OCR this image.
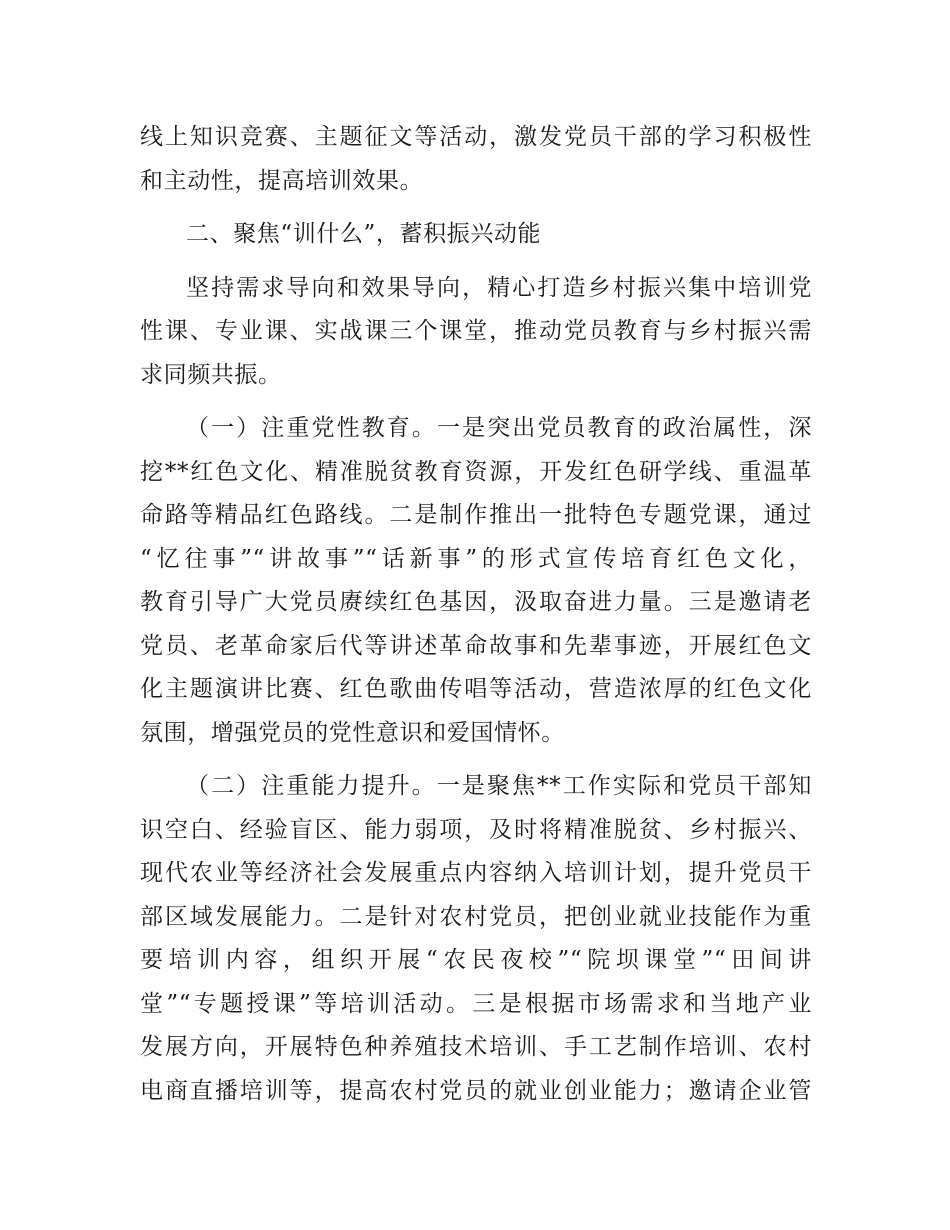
线上知识竞赛、主题征文等活动，激发党员干部的学习积极性
和主动性，提高培训效果。

二、聚焦“训什么”，蓄积振兴动能

坚持需求导向和效果导向，精心打造乡村振兴集中培训党
性课、专业课、实战课三个课堂，推动党员教育与乡村振兴需
求同频共振。

（一）注重党性教育。一是突出党员教育的政治属性，深
挖**红色文化、精准脱贫教育资源，开发红色研学线、重温革
命路等精品红色路线。二是制作推出一批特色专题党课，通过
“忆往事”“讲故事”“话新事”的形式宣传培育红色文化，
教育引导广大党员赓续红色基因，汲取奋进力量。三是邀请老
党员、老革命家后代等讲述革命故事和先辈事迹，开展红色文
化主题演讲比赛、红色歌曲传唱等活动，营造浓厚的红色文化
氛围，增强党员的党性意识和爱国情怀。

（二）注重能力提升。一是聚焦**工作实际和党员干部知
识空白、经验盲区、能力弱项，及时将精准脱贫、乡村振兴、
现代农业等经济社会发展重点内容纳入培训计划，提升党员干
部区域发展能力。二是针对农村党员，把创业就业技能作为重
要培训内容，组织开展“农民夜校”“院坝课堂”“田间讲
堂”“专题授课”等培训活动。三是根据市场需求和当地产业
发展方向，开展特色种养殖技术培训、手工艺制作培训、农村
电商直播培训等，提高农村党员的就业创业能力；邀请企业管
